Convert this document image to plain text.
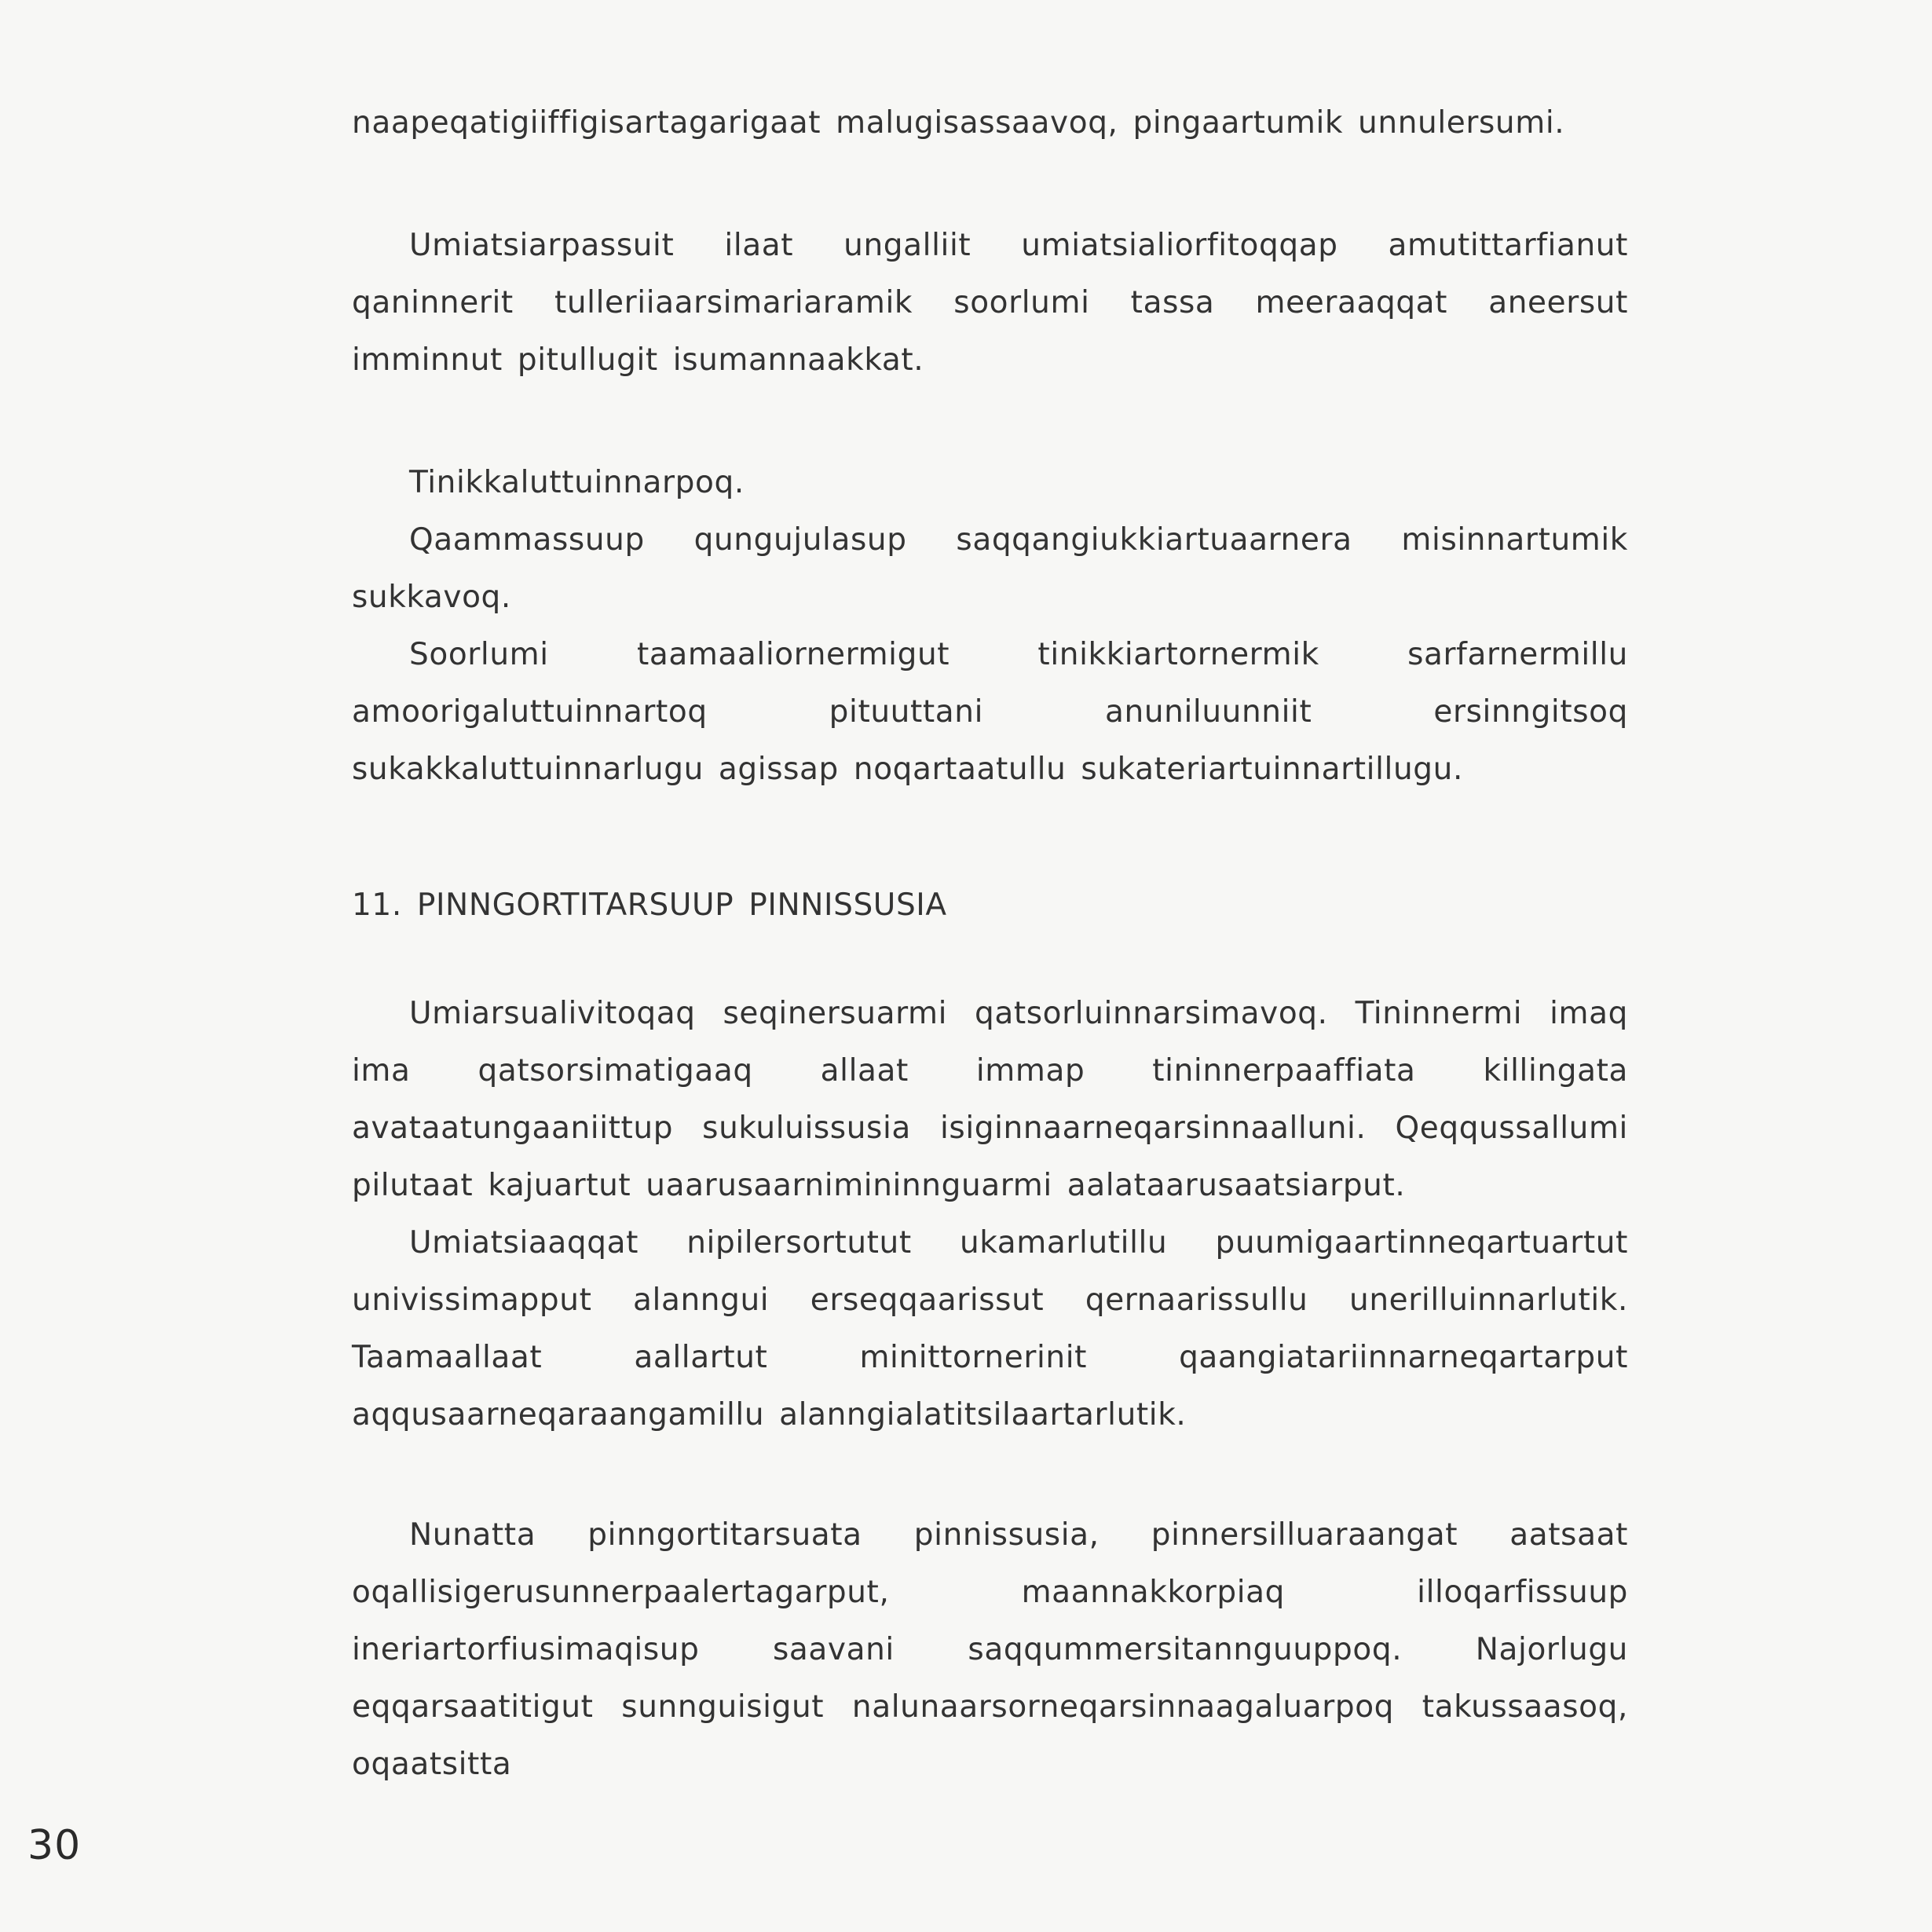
naapeqatigiiffigisartagarigaat malugisassaavoq, pingaartumik unnulersumi.

Umiatsiarpassuit ilaat ungalliit umiatsialiorfitoqqap amutittarfianut qaninnerit tulleriiaarsimariaramik soorlumi tassa meeraaqqat aneersut imminnut pitullugit isumannaakkat.

Tinikkaluttuinnarpoq.

Qaammassuup qungujulasup saqqangiukkiartuaarnera misinnartumik sukkavoq.

Soorlumi taamaaliornermigut tinikkiartornermik sarfarnermillu amoorigaluttuinnartoq pituuttani anuniluunniit ersinngitsoq sukakkaluttuinnarlugu agissap noqartaatullu sukateriartuinnartillugu.

11. PINNGORTITARSUUP PINNISSUSIA

Umiarsualivitoqaq seqinersuarmi qatsorluinnarsimavoq. Tininnermi imaq ima qatsorsimatigaaq allaat immap tininnerpaaffiata killingata avataatungaaniittup sukuluissusia isiginnaarneqarsinnaalluni. Qeqqussallumi pilutaat kajuartut uaarusaarnimininnguarmi aalataarusaatsiarput.

Umiatsiaaqqat nipilersortutut ukamarlutillu puumigaartinneqartuartut univissimapput alanngui erseqqaarissut qernaarissullu unerilluinnarlutik. Taamaallaat aallartut minittornerinit qaangiatariinnarneqartarput aqqusaarneqaraangamillu alanngialatitsilaartarlutik.

Nunatta pinngortitarsuata pinnissusia, pinnersilluaraangat aatsaat oqallisigerusunnerpaalertagarput, maannakkorpiaq illoqarfissuup ineriartorfiusimaqisup saavani saqqummersitannguuppoq. Najorlugu eqqarsaatitigut sunnguisigut nalunaarsorneqarsinnaagaluarpoq takussaasoq, oqaatsitta

30
